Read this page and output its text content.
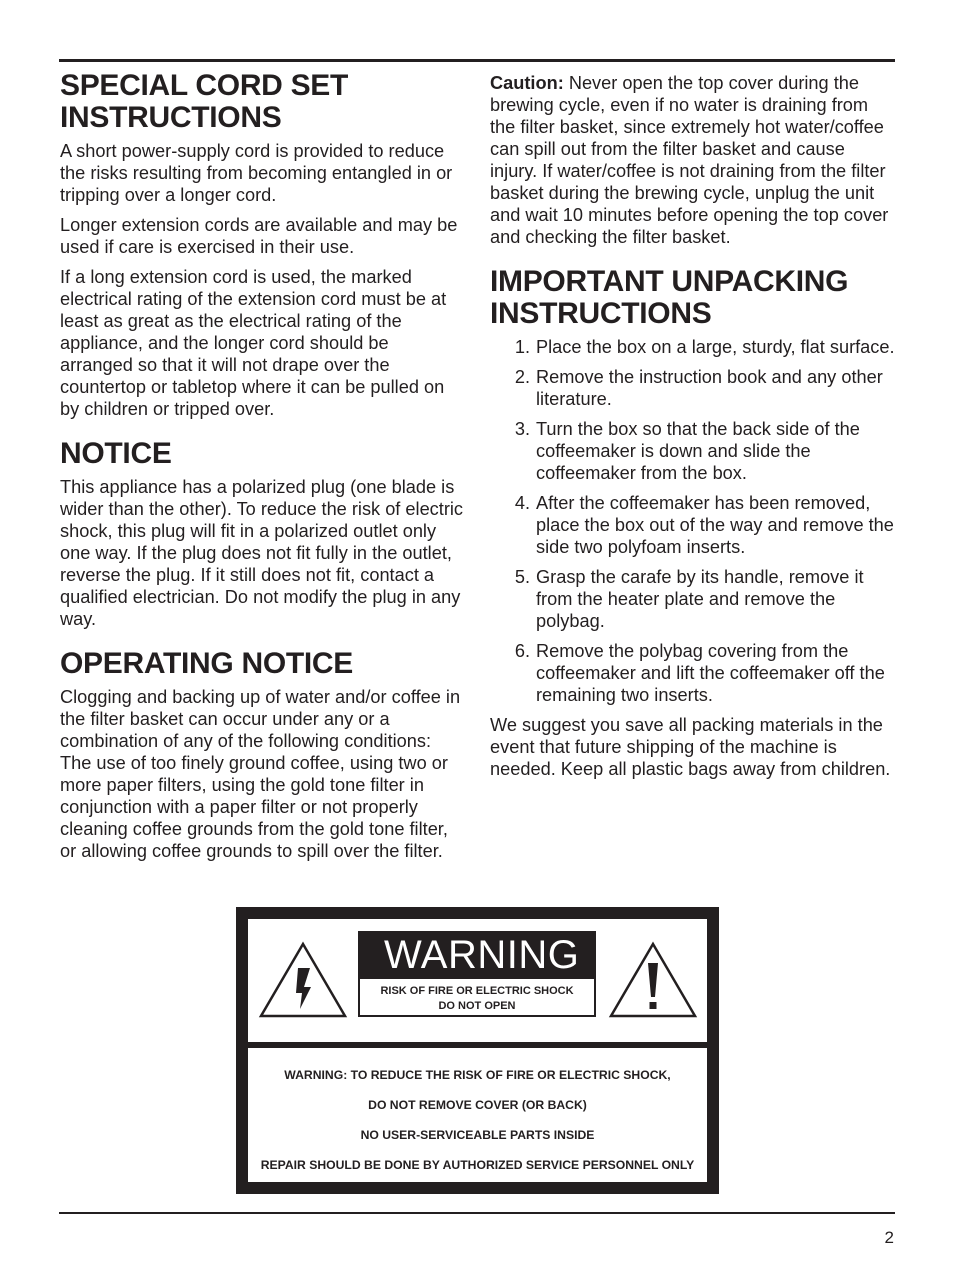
SPECIAL CORD SET INSTRUCTIONS

A short power-supply cord is provided to reduce the risks resulting from becoming entangled in or tripping over a longer cord.

Longer extension cords are available and may be used if care is exercised in their use.

If a long extension cord is used, the marked electrical rating of the extension cord must be at least as great as the electrical rating of the appliance, and the longer cord should be arranged so that it will not drape over the countertop or tabletop where it can be pulled on by children or tripped over.

NOTICE

This appliance has a polarized plug (one blade is wider than the other). To reduce the risk of electric shock, this plug will fit in a polarized outlet only one way. If the plug does not fit fully in the outlet, reverse the plug. If it still does not fit, contact a qualified electrician. Do not modify the plug in any way.

OPERATING NOTICE

Clogging and backing up of water and/or coffee in the filter basket can occur under any or a combination of any of the following conditions: The use of too finely ground coffee, using two or more paper filters, using the gold tone filter in conjunction with a paper filter or not properly cleaning coffee grounds from the gold tone filter, or allowing coffee grounds to spill over the filter.

Caution: Never open the top cover during the brewing cycle, even if no water is draining from the filter basket, since extremely hot water/coffee can spill out from the filter basket and cause injury. If water/coffee is not draining from the filter basket during the brewing cycle, unplug the unit and wait 10 minutes before opening the top cover and checking the filter basket.

IMPORTANT UNPACKING INSTRUCTIONS
1. Place the box on a large, sturdy, flat surface.
2. Remove the instruction book and any other literature.
3. Turn the box so that the back side of the coffeemaker is down and slide the coffeemaker from the box.
4. After the coffeemaker has been removed, place the box out of the way and remove the side two polyfoam inserts.
5. Grasp the carafe by its handle, remove it from the heater plate and remove the polybag.
6. Remove the polybag covering from the coffeemaker and lift the coffeemaker off the remaining two inserts.

We suggest you save all packing materials in the event that future shipping of the machine is needed. Keep all plastic bags away from children.

WARNING
RISK OF FIRE OR ELECTRIC SHOCK
DO NOT OPEN
WARNING: TO REDUCE THE RISK OF FIRE OR ELECTRIC SHOCK,
DO NOT REMOVE COVER (OR BACK)
NO USER-SERVICEABLE PARTS INSIDE
REPAIR SHOULD BE DONE BY AUTHORIZED SERVICE PERSONNEL ONLY
2
